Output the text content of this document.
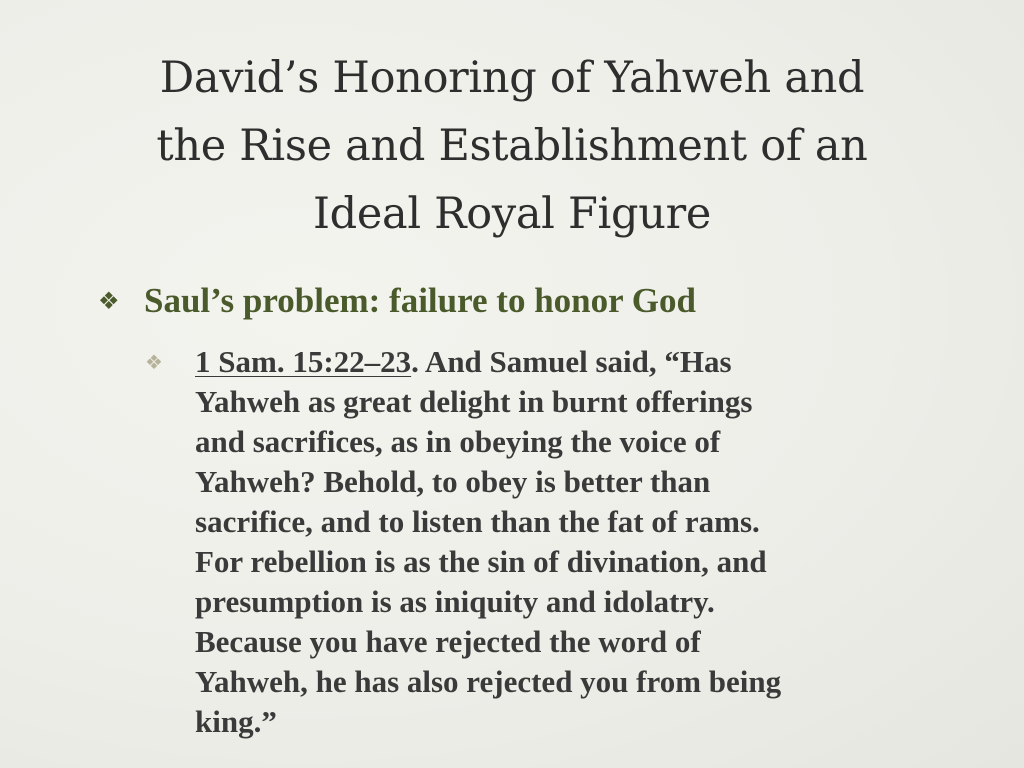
David’s Honoring of Yahweh and
the Rise and Establishment of an
Ideal Royal Figure
❖ Saul’s problem: failure to honor God
❖	1 Sam. 15:22–23. And Samuel said, “Has
Yahweh as great delight in burnt offerings
and sacrifices, as in obeying the voice of
Yahweh? Behold, to obey is better than
sacrifice, and to listen than the fat of rams.
For rebellion is as the sin of divination, and
presumption is as iniquity and idolatry.
Because you have rejected the word of
Yahweh, he has also rejected you from being
king.”
